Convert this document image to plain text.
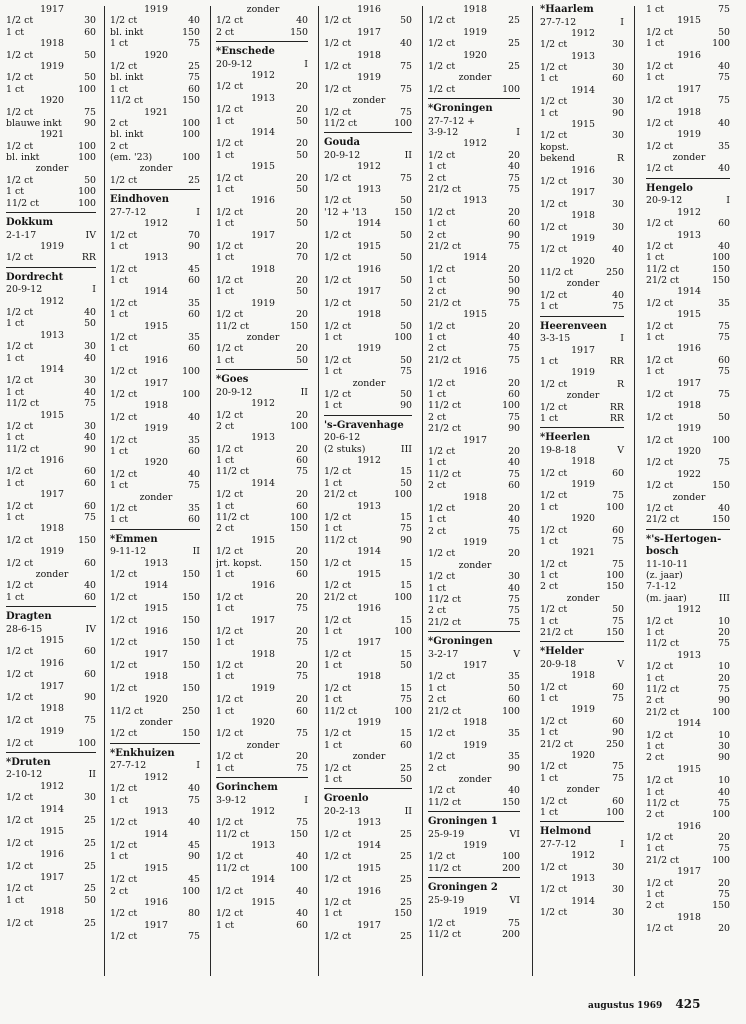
1917
1/2 ct	30
1 ct	60
1918
1/2 ct	50
1919
1/2 ct	50
1 ct	100
1920
1/2 ct	75
blauwe inkt 90
1921
1/2 ct	100
bl. inkt	100
zonder
1/2 ct	50
1 ct	100
11/2 ct	100
Dokkum
2-1-17	IV
1919
1/2 ct	RR
Dordrecht
20-9-12	I
1912
1/2 ct	40
1 ct	50
1913
1/2 ct	30
1 ct	40
1914
1/2 ct	30
1 ct	40
11/2 ct	75
1915
1/2 ct	30
1 ct	40
11/2 ct	90
1916
1/2 ct	60
1 ct	60
1917
1/2 ct	60
1 ct	75
1918
1/2 ct	150
1919
1/2 ct	60
zonder
1/2 ct	40
1 ct	60
Dragten
28-6-15	IV
1915
1/2 ct	60
1916
1/2 ct	60
1917
1/2 ct	90
1918
1/2 ct	75
1919
1/2 ct	100
*Druten
2-10-12	II
1912
1/2 ct	30
1914
1/2 ct	25
1915
1/2 ct	25
1916
1/2 ct	25
1917
1/2 ct	25
1 ct	50
1918
1/2 ct	25
1919
1/2 ct	40
bl. inkt	150
1 ct	75
1920
1/2 ct	25
bl. inkt	75
1 ct	60
11/2 ct	150
1921
2 ct	100
bl. inkt	100
2 ct
(em. '23)	100
zonder
1/2 ct	25
Eindhoven
27-7-12	I
1912
1/2 ct	70
1 ct	90
1913
1/2 ct	45
1 ct	60
1914
1/2 ct	35
1 ct	60
1915
1/2 ct	35
1 ct	60
1916
1/2 ct	100
1917
1/2 ct	100
1918
1/2 ct	40
1919
1/2 ct	35
1 ct	60
1920
1/2 ct	40
1 ct	75
zonder
1/2 ct	35
1 ct	60
*Emmen
9-11-12	II
1913
1/2 ct	150
1914
1/2 ct	150
1915
1/2 ct	150
1916
1/2 ct	150
1917
1/2 ct	150
1918
1/2 ct	150
1920
11/2 ct	250
zonder
1/2 ct	150
*Enkhuizen
27-7-12	I
1912
1/2 ct	40
1 ct	75
1913
1/2 ct	40
1914
1/2 ct	45
1 ct	90
1915
1/2 ct	45
2 ct	100
1916
1/2 ct	80
1917
1/2 ct	75
zonder
1/2 ct	40
2 ct	150
*Enschede
20-9-12	I
1912
1/2 ct	20
1913
1/2 ct	20
1 ct	50
1914
1/2 ct	20
1 ct	50
1915
1/2 ct	20
1 ct	50
1916
1/2 ct	20
1 ct	50
1917
1/2 ct	20
1 ct	70
1918
1/2 ct	20
1 ct	50
1919
1/2 ct	20
11/2 ct	150
zonder
1/2 ct	20
1 ct	50
*Goes
20-9-12	II
1912
1/2 ct	20
2 ct	100
1913
1/2 ct	20
1 ct	60
11/2 ct	75
1914
1/2 ct	20
1 ct	60
11/2 ct	100
2 ct	150
1915
1/2 ct	20
jrt. kopst.	150
1 ct	60
1916
1/2 ct	20
1 ct	75
1917
1/2 ct	20
1 ct	75
1918
1/2 ct	20
1 ct	75
1919
1/2 ct	20
1 ct	60
1920
1/2 ct	75
zonder
1/2 ct	20
1 ct	75
Gorinchem
3-9-12	I
1912
1/2 ct	75
11/2 ct	150
1913
1/2 ct	40
11/2 ct	100
1914
1/2 ct	40
1915
1/2 ct	40
1 ct	60
1916
1/2 ct	50
1917
1/2 ct	40
1918
1/2 ct	75
1919
1/2 ct	75
zonder
1/2 ct	75
11/2 ct	100
Gouda
20-9-12	II
1912
1/2 ct	75
1913
1/2 ct	50
'12 + '13	150
1914
1/2 ct	50
1915
1/2 ct	50
1916
1/2 ct	50
1917
1/2 ct	50
1918
1/2 ct	50
1 ct	100
1919
1/2 ct	50
1 ct	75
zonder
1/2 ct	50
1 ct	90
's-Gravenhage
20-6-12
(2 stuks)	III
1912
1/2 ct	15
1 ct	50
21/2 ct	100
1913
1/2 ct	15
1 ct	75
11/2 ct	90
1914
1/2 ct	15
1915
1/2 ct	15
21/2 ct	100
1916
1/2 ct	15
1 ct	100
1917
1/2 ct	15
1 ct	50
1918
1/2 ct	15
1 ct	75
11/2 ct	100
1919
1/2 ct	15
1 ct	60
zonder
1/2 ct	25
1 ct	50
Groenlo
20-2-13	II
1913
1/2 ct	25
1914
1/2 ct	25
1915
1/2 ct	25
1916
1/2 ct	25
1 ct	150
1917
1/2 ct	25
1918
1/2 ct	25
1919
1/2 ct	25
1920
1/2 ct	25
zonder
1/2 ct	100
*Groningen
27-7-12 +
3-9-12	I
1912
1/2 ct	20
1 ct	40
2 ct	75
21/2 ct	75
1913
1/2 ct	20
1 ct	60
2 ct	90
21/2 ct	75
1914
1/2 ct	20
1 ct	50
2 ct	90
21/2 ct	75
1915
1/2 ct	20
1 ct	40
2 ct	75
21/2 ct	75
1916
1/2 ct	20
1 ct	60
11/2 ct	100
2 ct	75
21/2 ct	90
1917
1/2 ct	20
1 ct	40
11/2 ct	75
2 ct	60
1918
1/2 ct	20
1 ct	40
2 ct	75
1919
1/2 ct	20
zonder
1/2 ct	30
1 ct	40
11/2 ct	75
2 ct	75
21/2 ct	75
*Groningen
3-2-17	V
1917
1/2 ct	35
1 ct	50
2 ct	60
21/2 ct	100
1918
1/2 ct	35
1919
1/2 ct	35
2 ct	90
zonder
1/2 ct	40
11/2 ct	150
Groningen 1
25-9-19	VI
1919
1/2 ct	100
11/2 ct	200
Groningen 2
25-9-19	VI
1919
1/2 ct	75
11/2 ct	200
*Haarlem
27-7-12	I
1912
1/2 ct	30
1913
1/2 ct	30
1 ct	60
1914
1/2 ct	30
1 ct	90
1915
1/2 ct	30
kopst.
bekend	R
1916
1/2 ct	30
1917
1/2 ct	30
1918
1/2 ct	30
1919
1/2 ct	40
1920
11/2 ct	250
zonder
1/2 ct	40
1 ct	75
Heerenveen
3-3-15	I
1917
1 ct	RR
1919
1/2 ct	R
zonder
1/2 ct	RR
1 ct	RR
*Heerlen
19-8-18	V
1918
1/2 ct	60
1919
1/2 ct	75
1 ct	100
1920
1/2 ct	60
1 ct	75
1921
1/2 ct	75
1 ct	100
2 ct	150
zonder
1/2 ct	50
1 ct	75
21/2 ct	150
*Helder
20-9-18	V
1918
1/2 ct	60
1 ct	75
1919
1/2 ct	60
1 ct	90
21/2 ct	250
1920
1/2 ct	75
1 ct	75
zonder
1/2 ct	60
1 ct	100
Helmond
27-7-12	I
1912
1/2 ct	30
1913
1/2 ct	30
1914
1/2 ct	30
1 ct	75
1915
1/2 ct	50
1 ct	100
1916
1/2 ct	40
1 ct	75
1917
1/2 ct	75
1918
1/2 ct	40
1919
1/2 ct	35
zonder
1/2 ct	40
Hengelo
20-9-12	I
1912
1/2 ct	60
1913
1/2 ct	40
1 ct	100
11/2 ct	150
21/2 ct	150
1914
1/2 ct	35
1915
1/2 ct	75
1 ct	75
1916
1/2 ct	60
1 ct	75
1917
1/2 ct	75
1918
1/2 ct	50
1919
1/2 ct	100
1920
1/2 ct	75
1922
1/2 ct	150
zonder
1/2 ct	40
21/2 ct	150
*'s-Hertogen-
bosch
11-10-11
(z. jaar)
7-1-12
(m. jaar)	III
1912
1/2 ct	10
1 ct	20
11/2 ct	75
1913
1/2 ct	10
1 ct	20
11/2 ct	75
2 ct	90
21/2 ct	100
1914
1/2 ct	10
1 ct	30
2 ct	90
1915
1/2 ct	10
1 ct	40
11/2 ct	75
2 ct	100
1916
1/2 ct	20
1 ct	75
21/2 ct	100
1917
1/2 ct	20
1 ct	75
2 ct	150
1918
1/2 ct	20
augustus 1969 425
